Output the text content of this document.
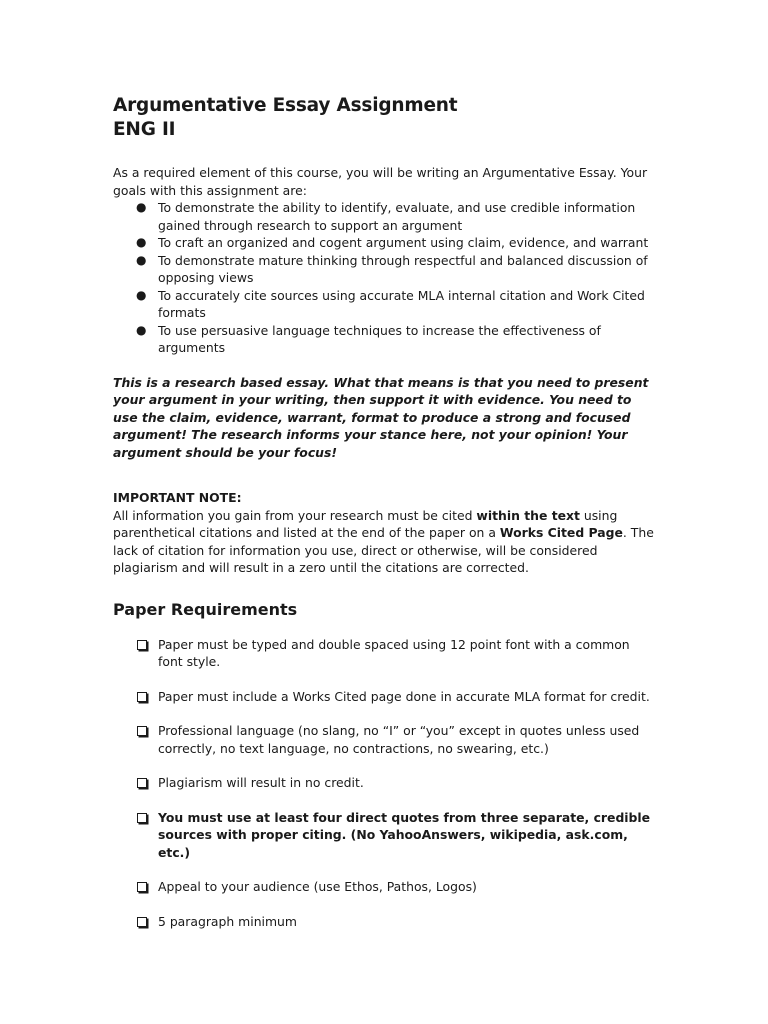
Argumentative Essay Assignment
ENG II

As a required element of this course, you will be writing an Argumentative Essay. Your goals with this assignment are:

● To demonstrate the ability to identify, evaluate, and use credible information gained through research to support an argument
● To craft an organized and cogent argument using claim, evidence, and warrant
● To demonstrate mature thinking through respectful and balanced discussion of opposing views
● To accurately cite sources using accurate MLA internal citation and Work Cited formats
● To use persuasive language techniques to increase the effectiveness of arguments

This is a research based essay. What that means is that you need to present your argument in your writing, then support it with evidence. You need to use the claim, evidence, warrant, format to produce a strong and focused argument! The research informs your stance here, not your opinion! Your argument should be your focus!

IMPORTANT NOTE:
All information you gain from your research must be cited within the text using parenthetical citations and listed at the end of the paper on a Works Cited Page. The lack of citation for information you use, direct or otherwise, will be considered plagiarism and will result in a zero until the citations are corrected.
Paper Requirements
Paper must be typed and double spaced using 12 point font with a common font style.
Paper must include a Works Cited page done in accurate MLA format for credit.
Professional language (no slang, no “I” or “you” except in quotes unless used correctly, no text language, no contractions, no swearing, etc.)
Plagiarism will result in no credit.
You must use at least four direct quotes from three separate, credible sources with proper citing. (No YahooAnswers, wikipedia, ask.com, etc.)
Appeal to your audience (use Ethos, Pathos, Logos)
5 paragraph minimum
